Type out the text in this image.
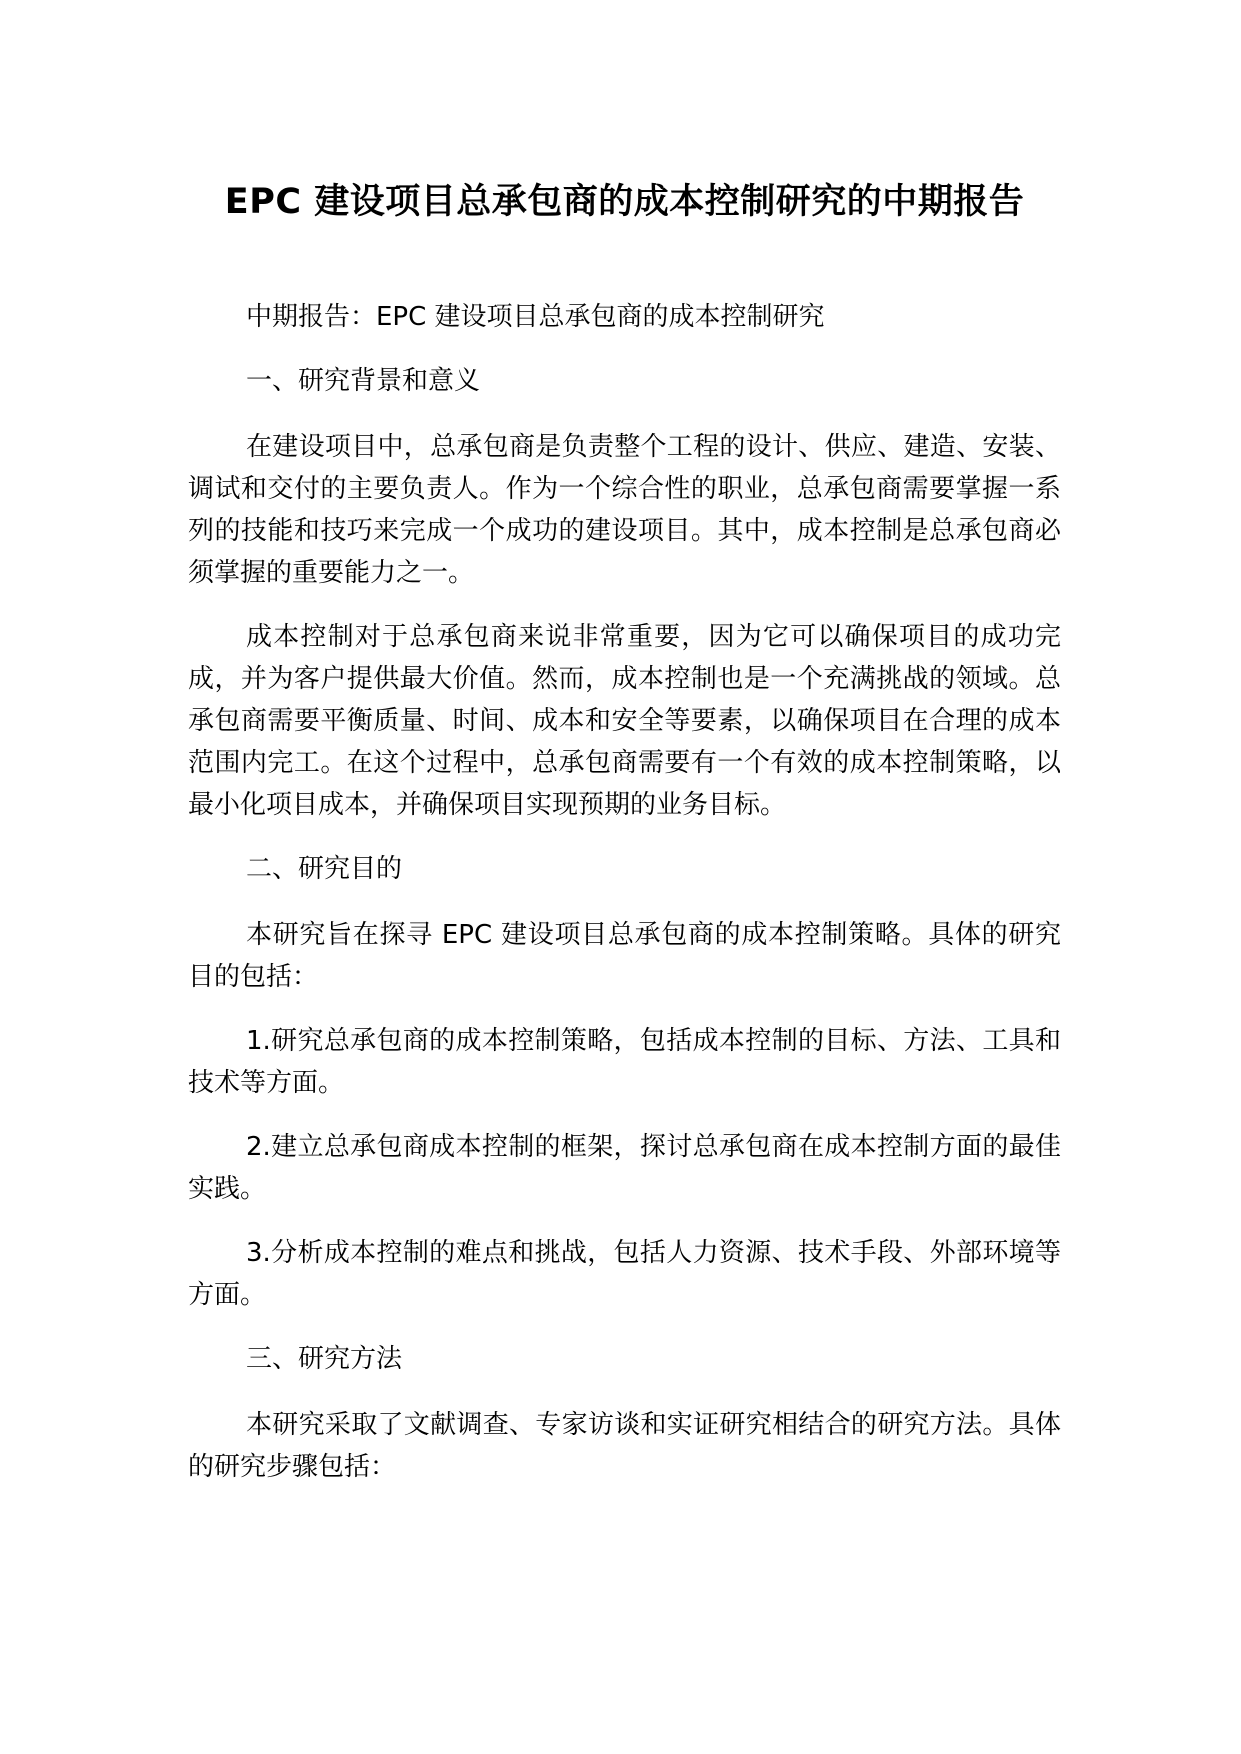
EPC 建设项目总承包商的成本控制研究的中期报告

中期报告：EPC 建设项目总承包商的成本控制研究

一、研究背景和意义

在建设项目中，总承包商是负责整个工程的设计、供应、建造、安装、调试和交付的主要负责人。作为一个综合性的职业，总承包商需要掌握一系列的技能和技巧来完成一个成功的建设项目。其中，成本控制是总承包商必须掌握的重要能力之一。

成本控制对于总承包商来说非常重要，因为它可以确保项目的成功完成，并为客户提供最大价值。然而，成本控制也是一个充满挑战的领域。总承包商需要平衡质量、时间、成本和安全等要素，以确保项目在合理的成本范围内完工。在这个过程中，总承包商需要有一个有效的成本控制策略，以最小化项目成本，并确保项目实现预期的业务目标。

二、研究目的

本研究旨在探寻 EPC 建设项目总承包商的成本控制策略。具体的研究目的包括：

1.研究总承包商的成本控制策略，包括成本控制的目标、方法、工具和技术等方面。

2.建立总承包商成本控制的框架，探讨总承包商在成本控制方面的最佳实践。

3.分析成本控制的难点和挑战，包括人力资源、技术手段、外部环境等方面。

三、研究方法

本研究采取了文献调查、专家访谈和实证研究相结合的研究方法。具体的研究步骤包括：
